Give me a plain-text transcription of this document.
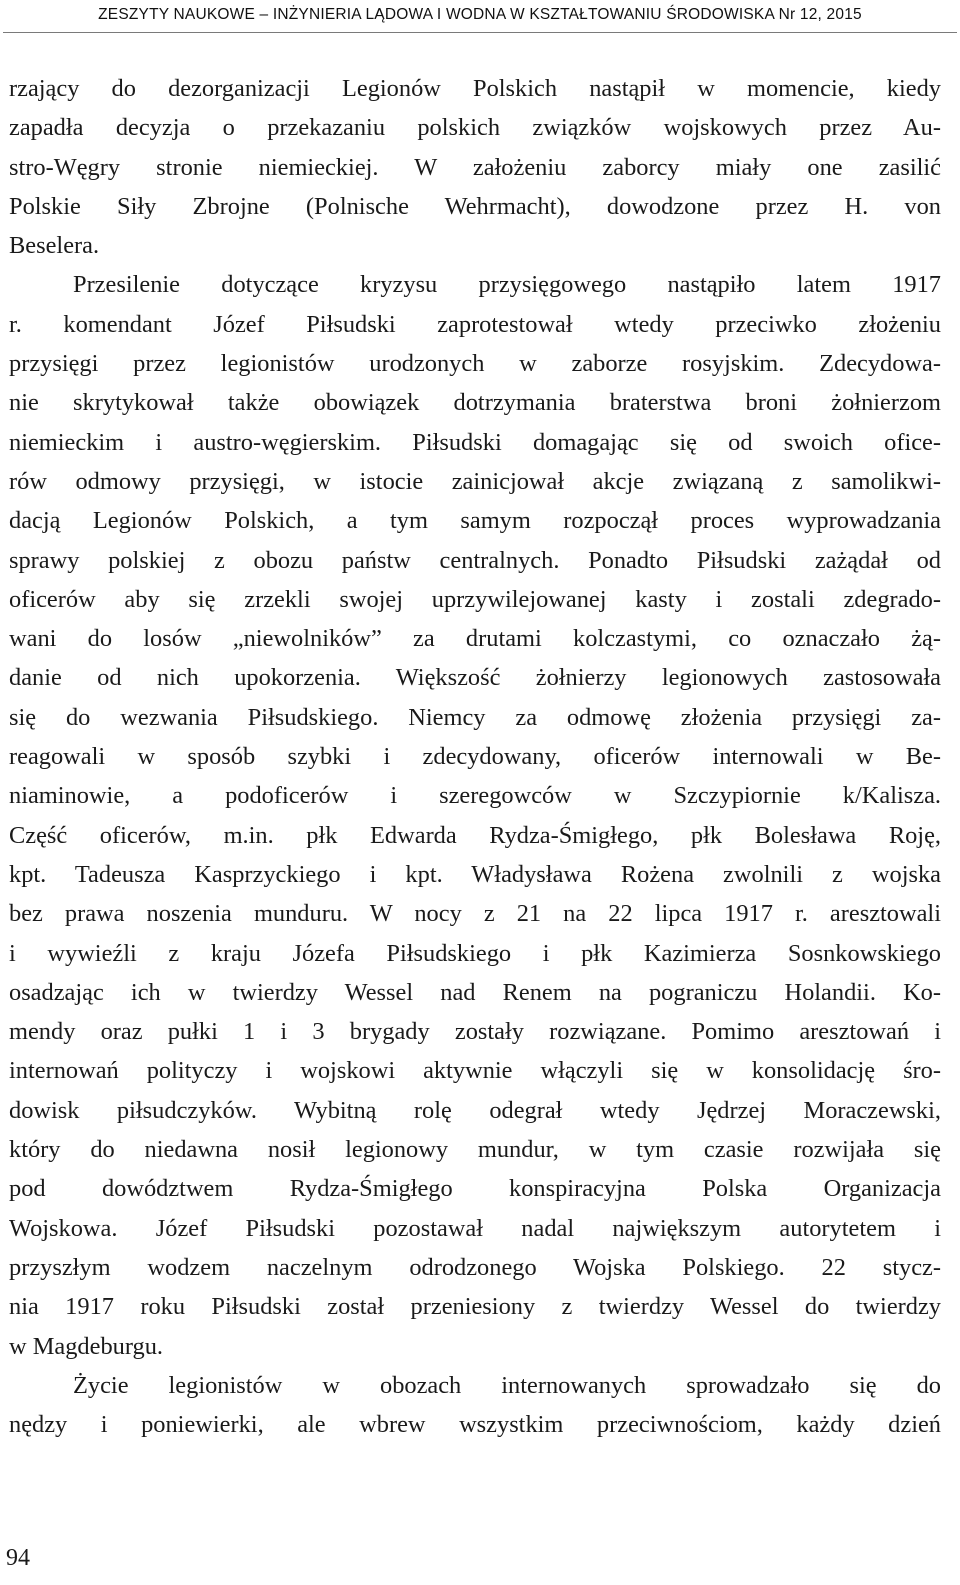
ZESZYTY NAUKOWE – INŻYNIERIA LĄDOWA I WODNA W KSZTAŁTOWANIU ŚRODOWISKA Nr 12, 2015
rzający do dezorganizacji Legionów Polskich nastąpił w momencie, kiedy
zapadła decyzja o przekazaniu polskich związków wojskowych przez Au-
stro-Węgry stronie niemieckiej. W założeniu zaborcy miały one zasilić
Polskie Siły Zbrojne (Polnische Wehrmacht), dowodzone przez H. von
Beselera.
Przesilenie dotyczące kryzysu przysięgowego nastąpiło latem 1917
r. komendant Józef Piłsudski zaprotestował wtedy przeciwko złożeniu
przysięgi przez legionistów urodzonych w zaborze rosyjskim. Zdecydowa-
nie skrytykował także obowiązek dotrzymania braterstwa broni żołnierzom
niemieckim i austro-węgierskim. Piłsudski domagając się od swoich oficе-
rów odmowy przysięgi, w istocie zainicjował akcje związaną z samolikwi-
dacją Legionów Polskich, a tym samym rozpoczął proces wyprowadzania
sprawy polskiej z obozu państw centralnych. Ponadto Piłsudski zażądał od
oficerów aby się zrzekli swojej uprzywilejowanej kasty i zostali zdegrado-
wani do losów „niewolników” za drutami kolczastymi, co oznaczało żą-
danie od nich upokorzenia. Większość żołnierzy legionowych zastosowała
się do wezwania Piłsudskiego. Niemcy za odmowę złożenia przysięgi za-
reagowali w sposób szybki i zdecydowany, oficerów internowali w Be-
niaminowie, a podoficerów i szeregowców w Szczypiornie k/Kalisza.
Część oficerów, m.in. płk Edwarda Rydza-Śmigłego, płk Bolesława Roję,
kpt. Tadeusza Kasprzyckiego i kpt. Władysława Rożena zwolnili z wojska
bez prawa noszenia munduru. W nocy z 21 na 22 lipca 1917 r. aresztowali
i wywieźli z kraju Józefa Piłsudskiego i płk Kazimierza Sosnkowskiego
osadzając ich w twierdzy Wessel nad Renem na pograniczu Holandii. Ko-
mendy oraz pułki 1 i 3 brygady zostały rozwiązane. Pomimo aresztowań i
internowań polityczy i wojskowi aktywnie włączyli się w konsolidację śro-
dowisk piłsudczyków. Wybitną rolę odegrał wtedy Jędrzej Moraczewski,
który do niedawna nosił legionowy mundur, w tym czasie rozwijała się
pod dowództwem Rydza-Śmigłego konspiracyjna Polska Organizacja
Wojskowa. Józef Piłsudski pozostawał nadal największym autorytetem i
przyszłym wodzem naczelnym odrodzonego Wojska Polskiego. 22 stycz-
nia 1917 roku Piłsudski został przeniesiony z twierdzy Wessel do twierdzy
w Magdeburgu.
Życie legionistów w obozach internowanych sprowadzało się do
nędzy i poniewierki, ale wbrew wszystkim przeciwnościom, każdy dzień
94
